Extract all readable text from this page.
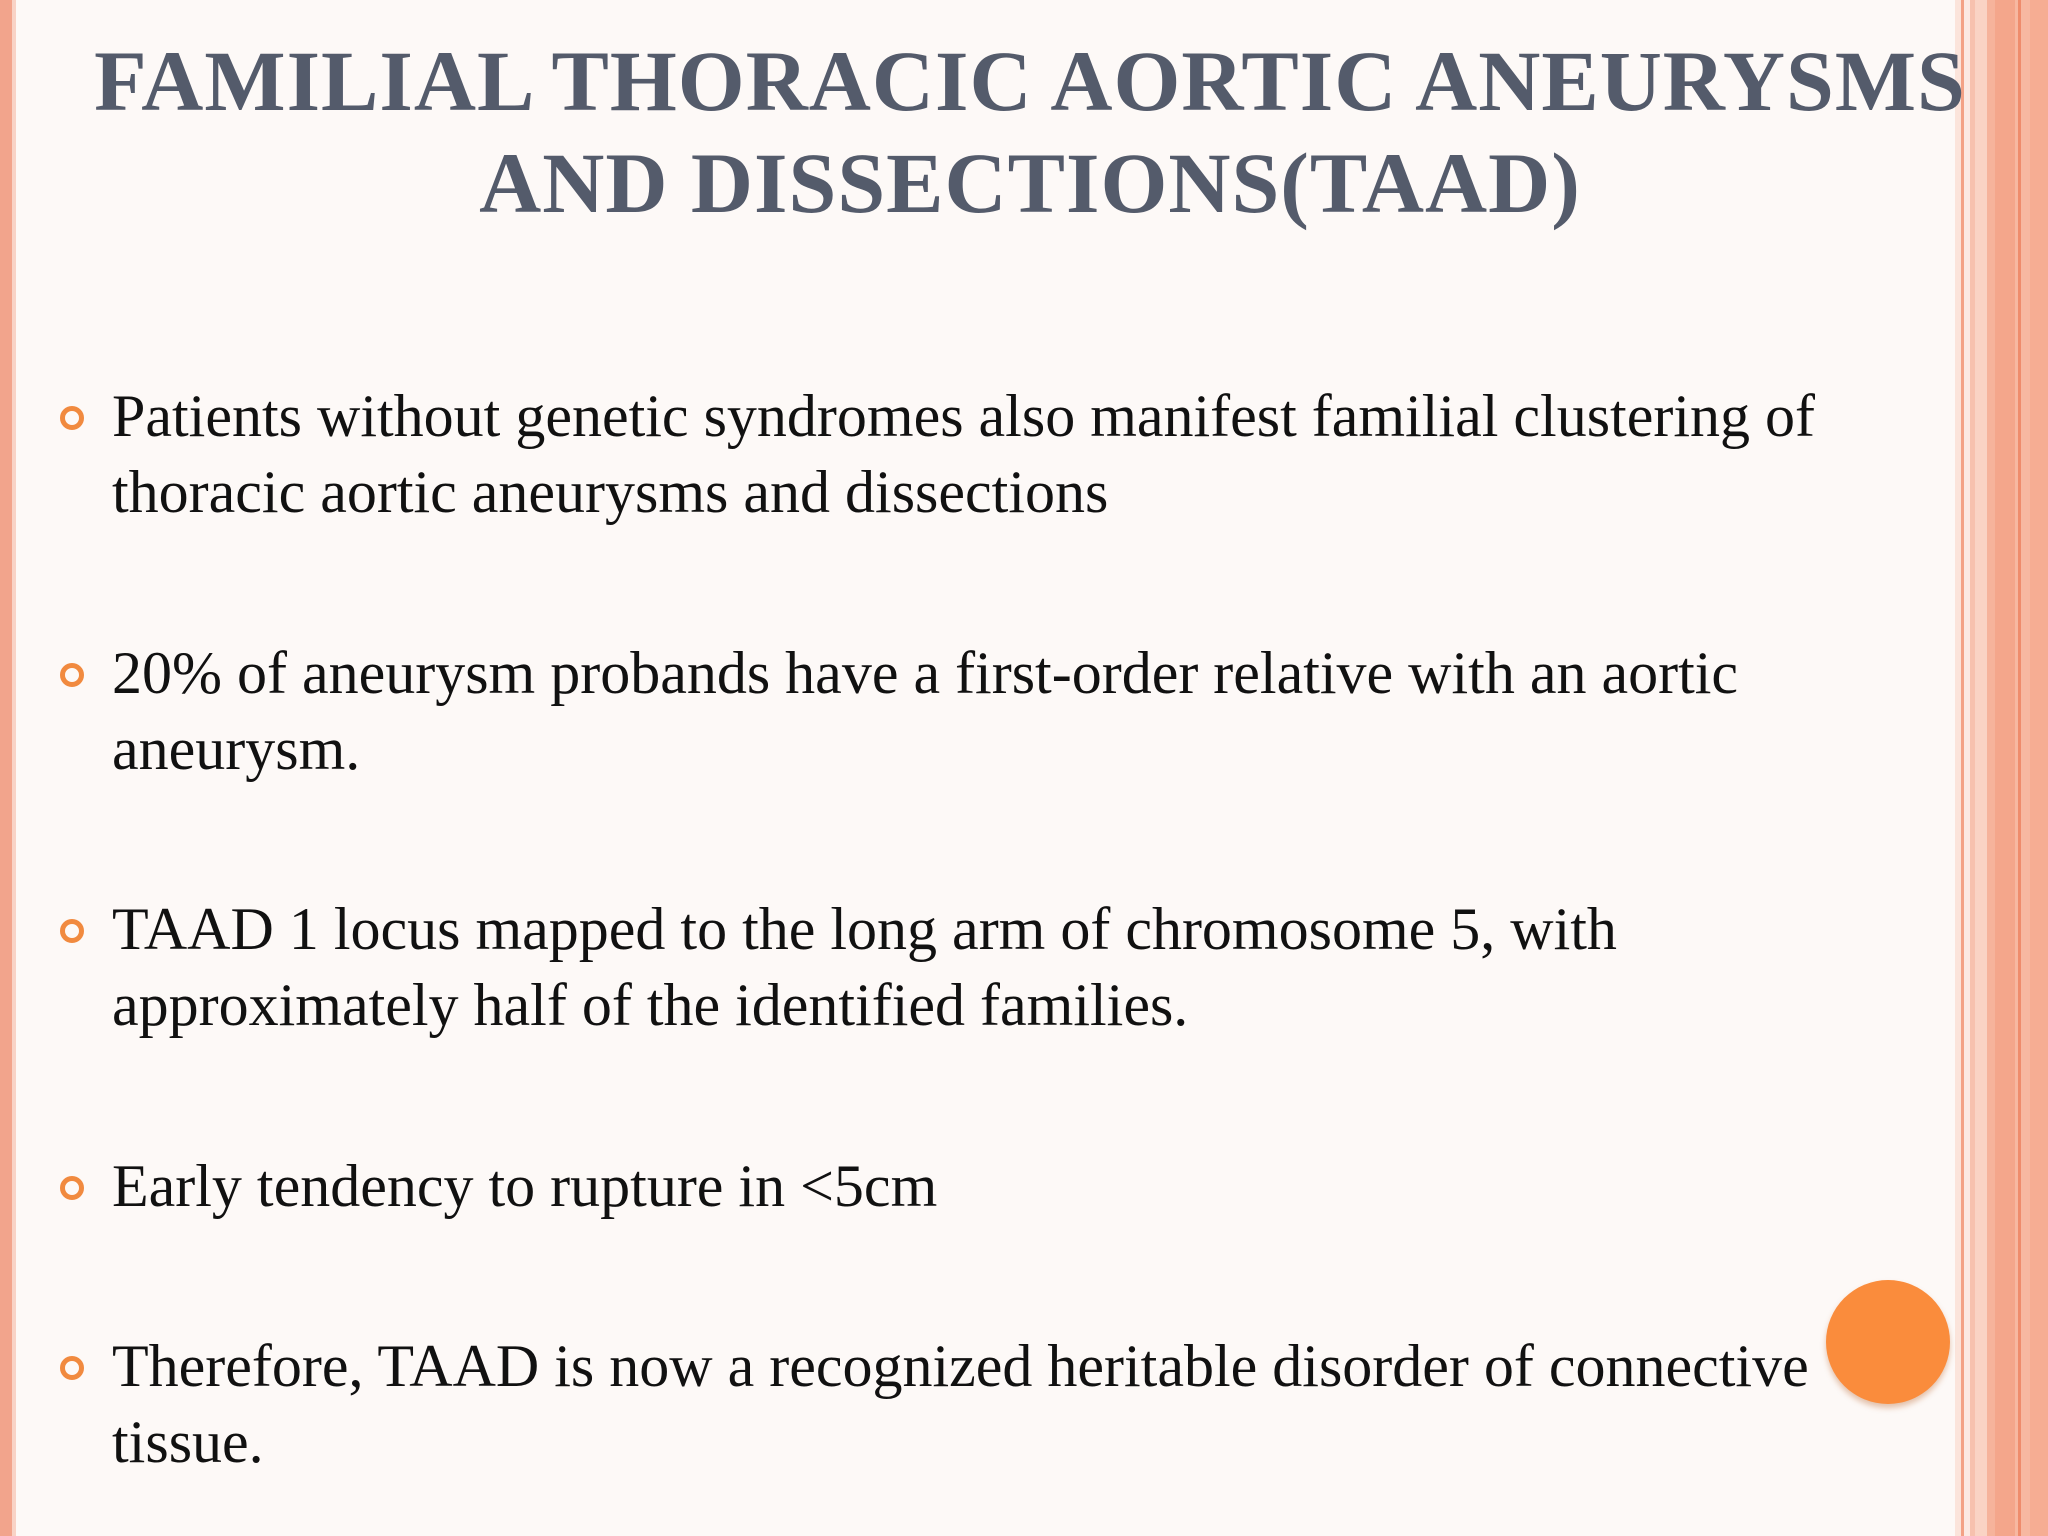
FAMILIAL THORACIC AORTIC ANEURYSMS AND DISSECTIONS(TAAD)
Patients without genetic syndromes also manifest familial clustering of thoracic aortic aneurysms and dissections
20% of aneurysm probands have a first-order relative with an aortic aneurysm.
TAAD 1 locus mapped to the long arm of chromosome 5, with approximately half of the identified families.
Early tendency to rupture in <5cm
Therefore, TAAD is now a recognized heritable disorder of connective tissue.
